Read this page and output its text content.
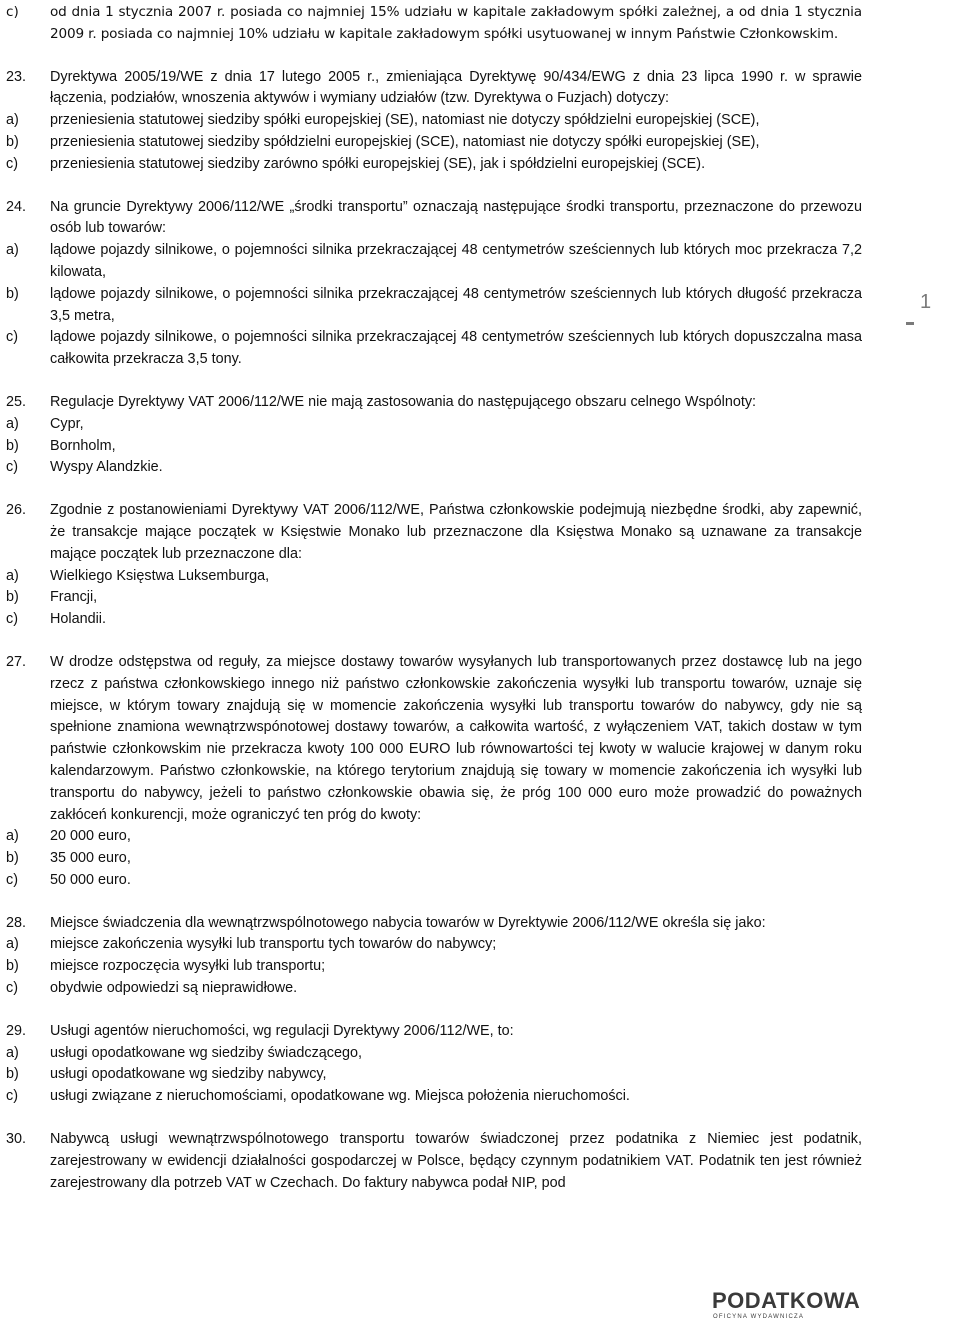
c)	od dnia 1 stycznia 2007 r. posiada co najmniej 15% udziału w kapitale zakładowym spółki zależnej, a od dnia 1 stycznia 2009 r. posiada co najmniej 10% udziału w kapitale zakładowym spółki usytuowanej w innym Państwie Członkowskim.
23.	Dyrektywa 2005/19/WE z dnia 17 lutego 2005 r., zmieniająca Dyrektywę 90/434/EWG z dnia 23 lipca 1990 r. w sprawie łączenia, podziałów, wnoszenia aktywów i wymiany udziałów (tzw. Dyrektywa o Fuzjach) dotyczy:
a)	przeniesienia statutowej siedziby spółki europejskiej (SE), natomiast nie dotyczy spółdzielni europejskiej (SCE),
b)	przeniesienia statutowej siedziby spółdzielni europejskiej (SCE), natomiast nie dotyczy spółki europejskiej (SE),
c)	przeniesienia statutowej siedziby zarówno spółki europejskiej (SE), jak i spółdzielni europejskiej (SCE).
24.	Na gruncie Dyrektywy 2006/112/WE „środki transportu” oznaczają następujące środki transportu, przeznaczone do przewozu osób lub towarów:
a)	lądowe pojazdy silnikowe, o pojemności silnika przekraczającej 48 centymetrów sześciennych lub których moc przekracza 7,2 kilowata,
b)	lądowe pojazdy silnikowe, o pojemności silnika przekraczającej 48 centymetrów sześciennych lub których długość przekracza 3,5 metra,
c)	lądowe pojazdy silnikowe, o pojemności silnika przekraczającej 48 centymetrów sześciennych lub których dopuszczalna masa całkowita przekracza 3,5 tony.
25.	Regulacje Dyrektywy VAT 2006/112/WE nie mają zastosowania do następującego obszaru celnego Wspólnoty:
a)	Cypr,
b)	Bornholm,
c)	Wyspy Alandzkie.
26.	Zgodnie z postanowieniami Dyrektywy VAT 2006/112/WE, Państwa członkowskie podejmują niezbędne środki, aby zapewnić, że transakcje mające początek w Księstwie Monako lub przeznaczone dla Księstwa Monako są uznawane za transakcje mające początek lub przeznaczone dla:
a)	Wielkiego Księstwa Luksemburga,
b)	Francji,
c)	Holandii.
27.	W drodze odstępstwa od reguły, za miejsce dostawy towarów wysyłanych lub transportowanych przez dostawcę lub na jego rzecz z państwa członkowskiego innego niż państwo członkowskie zakończenia wysyłki lub transportu towarów, uznaje się miejsce, w którym towary znajdują się w momencie zakończenia wysyłki lub transportu towarów do nabywcy, gdy nie są spełnione znamiona wewnątrzwspónotowej dostawy towarów, a całkowita wartość, z wyłączeniem VAT, takich dostaw w tym państwie członkowskim nie przekracza kwoty 100 000 EURO lub równowartości tej kwoty w walucie krajowej w danym roku kalendarzowym. Państwo członkowskie, na którego terytorium znajdują się towary w momencie zakończenia ich wysyłki lub transportu do nabywcy, jeżeli to państwo członkowskie obawia się, że próg 100 000 euro może prowadzić do poważnych zakłóceń konkurencji, może ograniczyć ten próg do kwoty:
a)	20 000 euro,
b)	35 000 euro,
c)	50 000 euro.
28.	Miejsce świadczenia dla wewnątrzwspólnotowego nabycia towarów w Dyrektywie 2006/112/WE określa się jako:
a)	miejsce zakończenia wysyłki lub transportu tych towarów do nabywcy;
b)	miejsce rozpoczęcia wysyłki lub transportu;
c)	obydwie odpowiedzi są nieprawidłowe.
29.	Usługi agentów nieruchomości, wg regulacji Dyrektywy 2006/112/WE, to:
a)	usługi opodatkowane wg siedziby świadczącego,
b)	usługi opodatkowane wg siedziby nabywcy,
c)	usługi związane z nieruchomościami, opodatkowane wg. Miejsca położenia nieruchomości.
30.	Nabywcą usługi wewnątrzwspólnotowego transportu towarów świadczonej przez podatnika z Niemiec jest podatnik, zarejestrowany w ewidencji działalności gospodarczej w Polsce, będący czynnym podatnikiem VAT. Podatnik ten jest również zarejestrowany dla potrzeb VAT w Czechach. Do faktury nabywca podał NIP, pod
1
PODATKOWA
OFICYNA WYDAWNICZA
